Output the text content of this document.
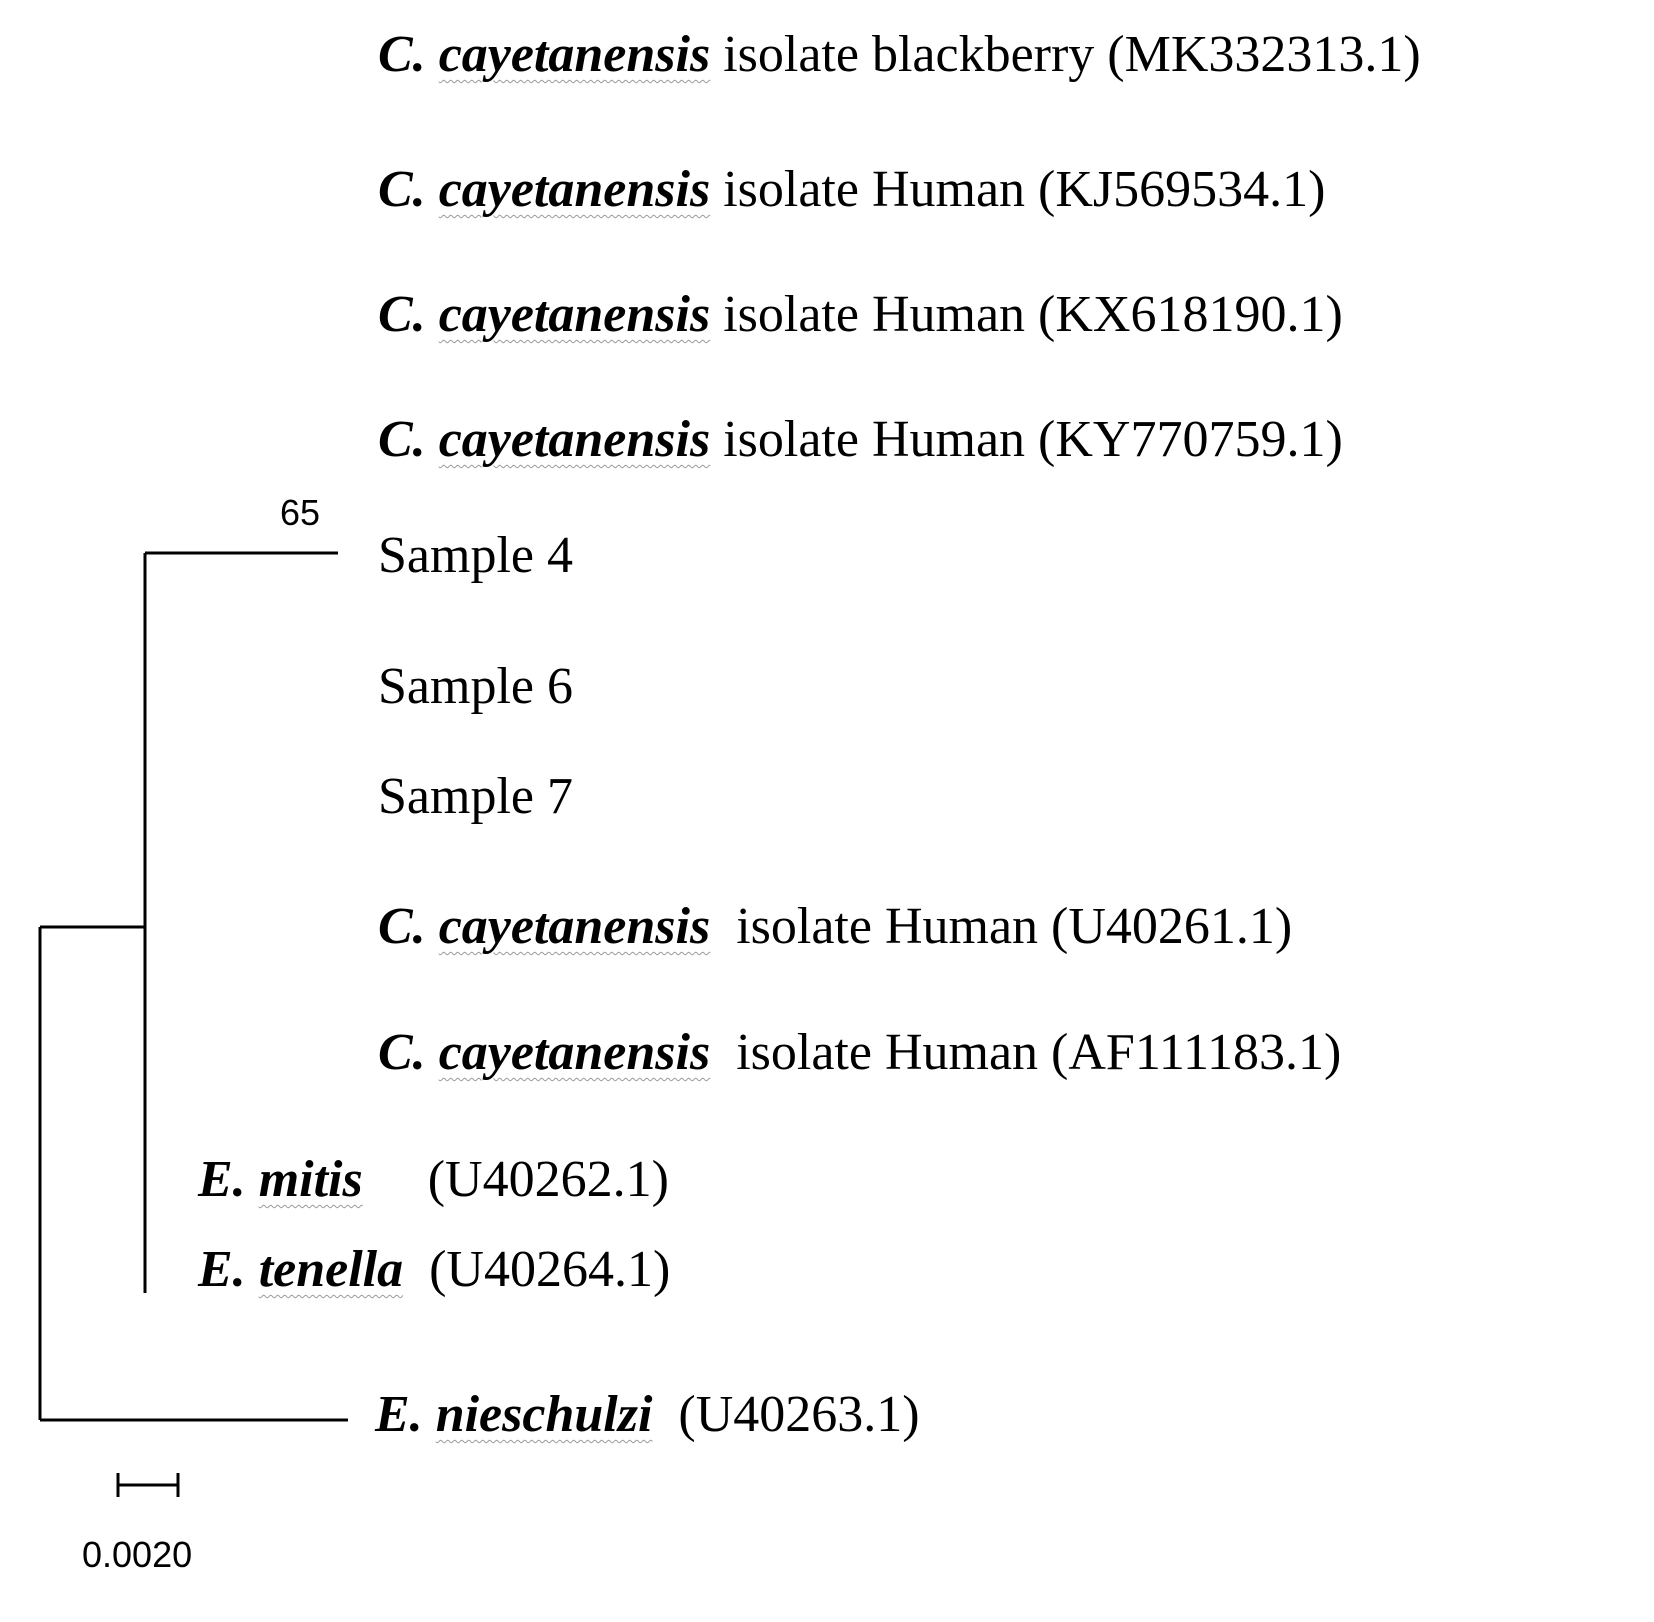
65
0.0020
C. cayetanensis isolate blackberry (MK332313.1)
C. cayetanensis isolate Human (KJ569534.1)
C. cayetanensis isolate Human (KX618190.1)
C. cayetanensis isolate Human (KY770759.1)
Sample 4
Sample 6
Sample 7
C. cayetanensis  isolate Human (U40261.1)
C. cayetanensis  isolate Human (AF111183.1)
E. mitis     (U40262.1)
E. tenella  (U40264.1)
E. nieschulzi  (U40263.1)
